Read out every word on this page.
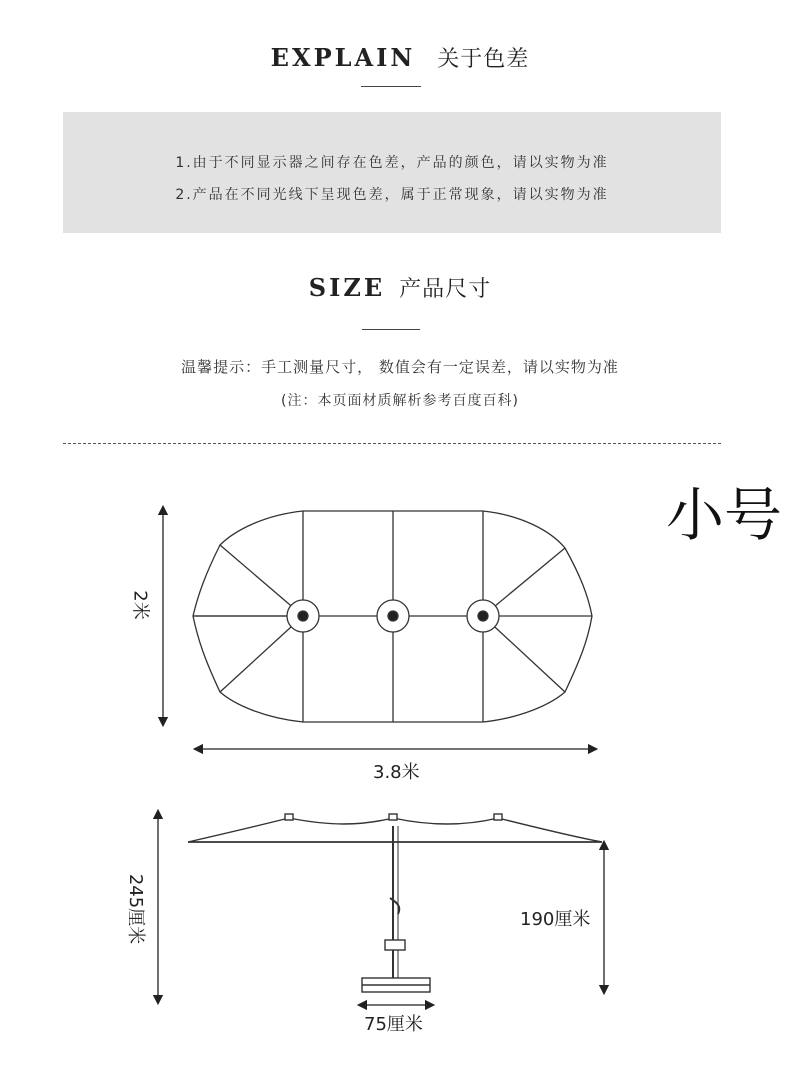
EXPLAIN 关于色差
1.由于不同显示器之间存在色差，产品的颜色，请以实物为准
2.产品在不同光线下呈现色差，属于正常现象，请以实物为准
SIZE 产品尺寸
温馨提示：手工测量尺寸， 数值会有一定误差，请以实物为准
(注：本页面材质解析参考百度百科)
小号
3.8米
2米
245厘米	190厘米
75厘米
